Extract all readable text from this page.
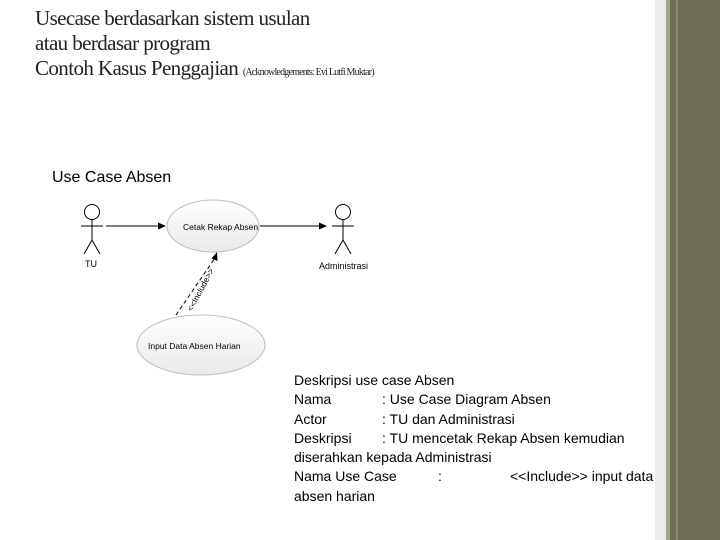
Usecase berdasarkan sistem usulan
atau berdasar program
Contoh Kasus Penggajian (Acknowledgements: Evi Lutfi Muktar)
Use Case Absen
TU	Administrasi
Cetak Rekap Absen
Input Data Absen Harian
<<Include>>
Deskripsi use case Absen
Nama	: Use Case Diagram Absen
Actor	: TU dan Administrasi
Deskripsi : TU mencetak Rekap Absen kemudian
diserahkan kepada Administrasi
Nama Use Case	:	<<Include>> input data
absen harian
